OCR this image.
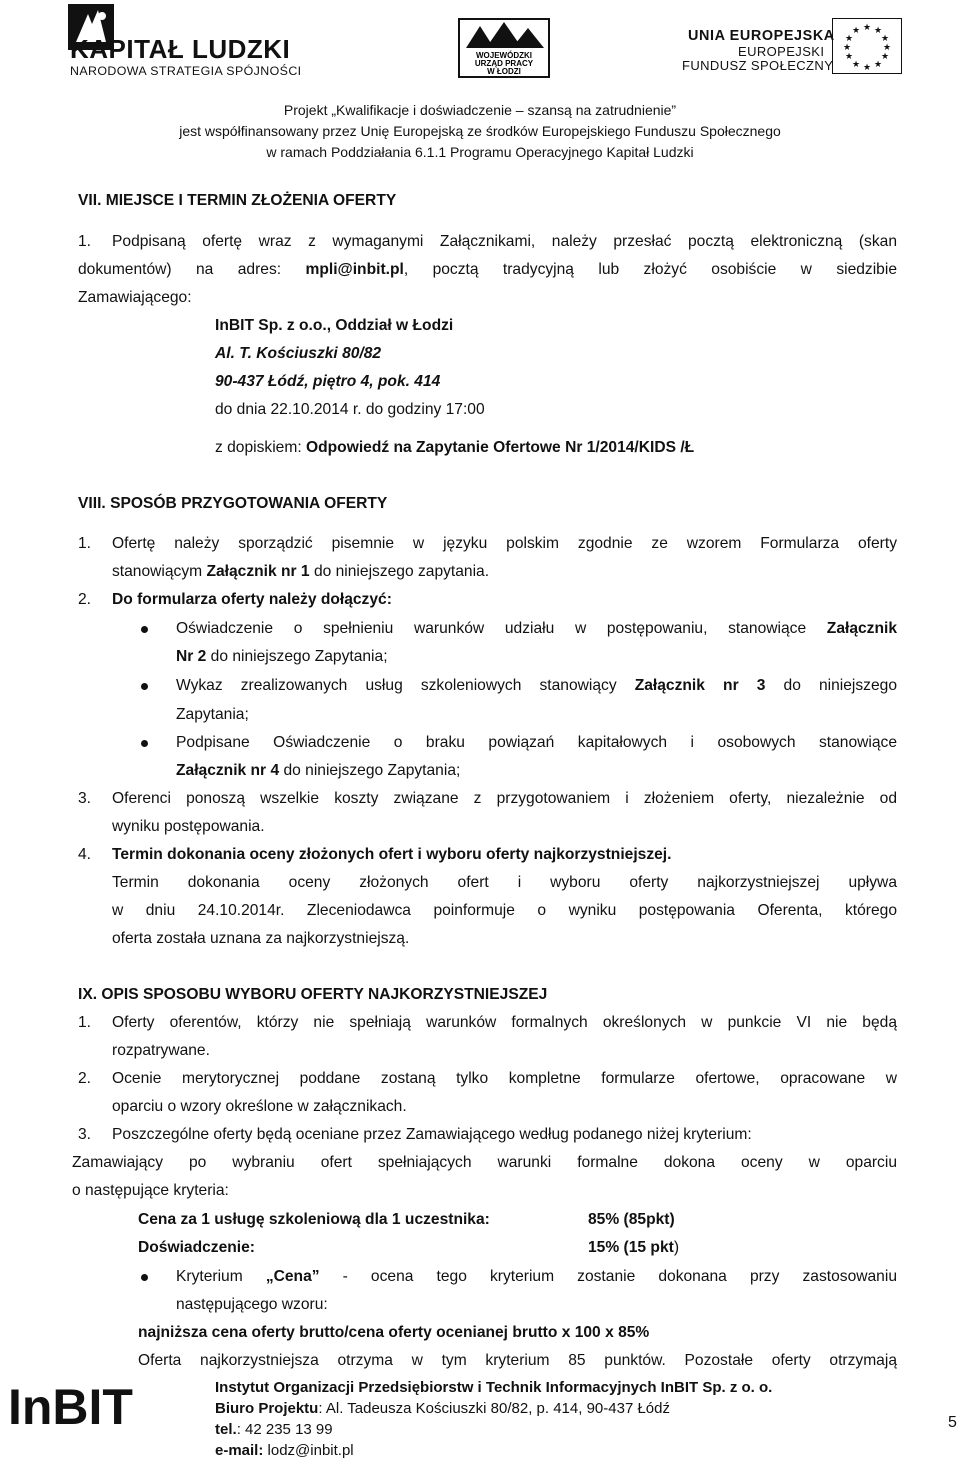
KAPITAŁ LUDZKI
NARODOWA STRATEGIA SPÓJNOŚCI
WOJEWÓDZKI
URZĄD PRACY
W ŁODZI
UNIA EUROPEJSKA
EUROPEJSKI
FUNDUSZ SPOŁECZNY
★ ★
★
★
★
★
★
★
★
★
★
★
Projekt „Kwalifikacje i doświadczenie – szansą na zatrudnienie”
jest współfinansowany przez Unię Europejską ze środków Europejskiego Funduszu Społecznego
w ramach Poddziałania 6.1.1 Programu Operacyjnego Kapitał Ludzki
VII. MIEJSCE I TERMIN ZŁOŻENIA OFERTY
1. Podpisaną ofertę wraz z wymaganymi Załącznikami, należy przesłać pocztą elektroniczną (skan
dokumentów) na adres: mpli@inbit.pl, pocztą tradycyjną lub złożyć osobiście w siedzibie
Zamawiającego:
InBIT Sp. z o.o., Oddział w Łodzi
Al. T. Kościuszki 80/82
90-437 Łódź, piętro 4, pok. 414
do dnia 22.10.2014 r. do godziny 17:00
z dopiskiem: Odpowiedź na Zapytanie Ofertowe Nr 1/2014/KIDS /Ł
VIII. SPOSÓB PRZYGOTOWANIA OFERTY
1. Ofertę należy sporządzić pisemnie w języku polskim zgodnie ze wzorem Formularza oferty
stanowiącym Załącznik nr 1 do niniejszego zapytania.
2. Do formularza oferty należy dołączyć:
Oświadczenie o spełnieniu warunków udziału w postępowaniu, stanowiące Załącznik
Nr 2 do niniejszego Zapytania;
Wykaz zrealizowanych usług szkoleniowych stanowiący Załącznik nr 3 do niniejszego
Zapytania;
Podpisane Oświadczenie o braku powiązań kapitałowych i osobowych stanowiące
Załącznik nr 4 do niniejszego Zapytania;
3. Oferenci ponoszą wszelkie koszty związane z przygotowaniem i złożeniem oferty, niezależnie od
wyniku postępowania.
4. Termin dokonania oceny złożonych ofert i wyboru oferty najkorzystniejszej.
Termin dokonania oceny złożonych ofert i wyboru oferty najkorzystniejszej upływa
w dniu 24.10.2014r. Zleceniodawca poinformuje o wyniku postępowania Oferenta, którego
oferta została uznana za najkorzystniejszą.
IX. OPIS SPOSOBU WYBORU OFERTY NAJKORZYSTNIEJSZEJ
1. Oferty oferentów, którzy nie spełniają warunków formalnych określonych w punkcie VI nie będą
rozpatrywane.
2. Ocenie merytorycznej poddane zostaną tylko kompletne formularze ofertowe, opracowane w
oparciu o wzory określone w załącznikach.
3. Poszczególne oferty będą oceniane przez Zamawiającego według podanego niżej kryterium:
Zamawiający po wybraniu ofert spełniających warunki formalne dokona oceny w oparciu
o następujące kryteria:
Cena za 1 usługę szkoleniową dla 1 uczestnika:	85% (85pkt)
Doświadczenie:	15% (15 pkt)
Kryterium „Cena” - ocena tego kryterium zostanie dokonana przy zastosowaniu
następującego wzoru:
najniższa cena oferty brutto/cena oferty ocenianej brutto x 100 x 85%
Oferta najkorzystniejsza otrzyma w tym kryterium 85 punktów. Pozostałe oferty otrzymają
InBIT	Instytut Organizacji Przedsiębiorstw i Technik Informacyjnych InBIT Sp. z o. o.
Biuro Projektu: Al. Tadeusza Kościuszki 80/82, p. 414, 90-437 Łódź
tel.: 42 235 13 99
e-mail: lodz@inbit.pl
5
